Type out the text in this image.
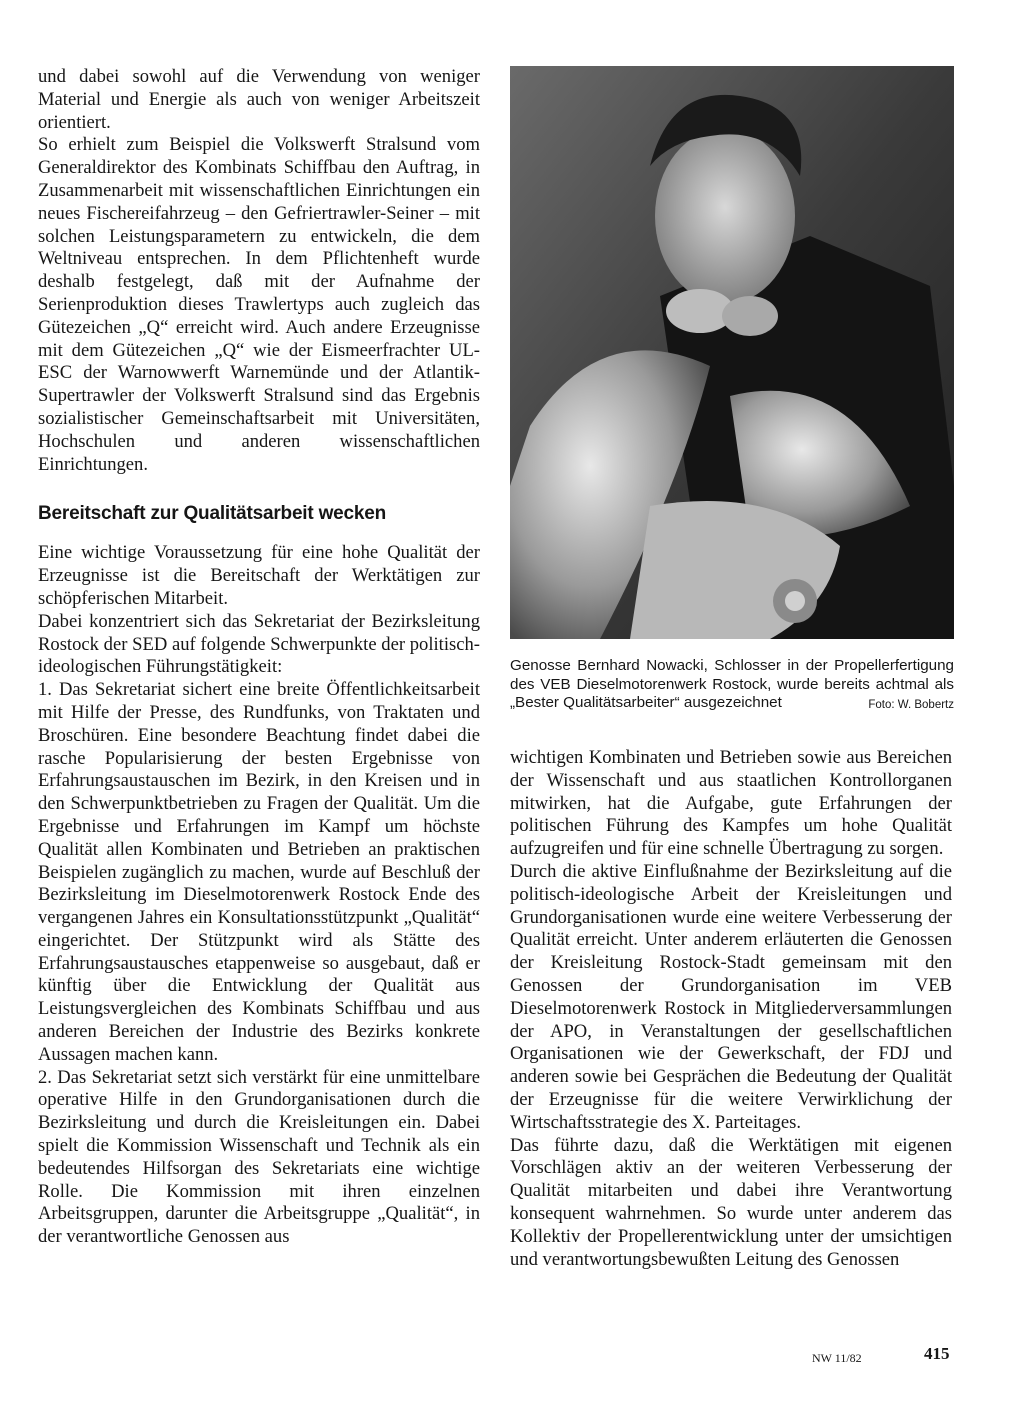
und dabei sowohl auf die Verwendung von weniger Material und Energie als auch von weniger Arbeitszeit orientiert.

So erhielt zum Beispiel die Volkswerft Stralsund vom Generaldirektor des Kombinats Schiffbau den Auftrag, in Zusammenarbeit mit wissenschaftlichen Einrichtungen ein neues Fischereifahrzeug – den Gefriertrawler-Seiner – mit solchen Leistungsparametern zu entwickeln, die dem Weltniveau entsprechen. In dem Pflichtenheft wurde deshalb festgelegt, daß mit der Aufnahme der Serienproduktion dieses Trawlertyps auch zugleich das Gütezeichen „Q“ erreicht wird. Auch andere Erzeugnisse mit dem Gütezeichen „Q“ wie der Eismeerfrachter UL-ESC der Warnowwerft Warnemünde und der Atlantik-Supertrawler der Volkswerft Stralsund sind das Ergebnis sozialistischer Gemeinschaftsarbeit mit Universitäten, Hochschulen und anderen wissenschaftlichen Einrichtungen.

Bereitschaft zur Qualitätsarbeit wecken

Eine wichtige Voraussetzung für eine hohe Qualität der Erzeugnisse ist die Bereitschaft der Werktätigen zur schöpferischen Mitarbeit.

Dabei konzentriert sich das Sekretariat der Bezirksleitung Rostock der SED auf folgende Schwerpunkte der politisch-ideologischen Führungstätigkeit:

1. Das Sekretariat sichert eine breite Öffentlichkeitsarbeit mit Hilfe der Presse, des Rundfunks, von Traktaten und Broschüren. Eine besondere Beachtung findet dabei die rasche Popularisierung der besten Ergebnisse von Erfahrungsaustauschen im Bezirk, in den Kreisen und in den Schwerpunktbetrieben zu Fragen der Qualität. Um die Ergebnisse und Erfahrungen im Kampf um höchste Qualität allen Kombinaten und Betrieben an praktischen Beispielen zugänglich zu machen, wurde auf Beschluß der Bezirksleitung im Dieselmotorenwerk Rostock Ende des vergangenen Jahres ein Konsultationsstützpunkt „Qualität“ eingerichtet. Der Stützpunkt wird als Stätte des Erfahrungsaustausches etappenweise so ausgebaut, daß er künftig über die Entwicklung der Qualität aus Leistungsvergleichen des Kombinats Schiffbau und aus anderen Bereichen der Industrie des Bezirks konkrete Aussagen machen kann.

2. Das Sekretariat setzt sich verstärkt für eine unmittelbare operative Hilfe in den Grundorganisationen durch die Bezirksleitung und durch die Kreisleitungen ein. Dabei spielt die Kommission Wissenschaft und Technik als ein bedeutendes Hilfsorgan des Sekretariats eine wichtige Rolle. Die Kommission mit ihren einzelnen Arbeitsgruppen, darunter die Arbeitsgruppe „Qualität“, in der verantwortliche Genossen aus

Genosse Bernhard Nowacki, Schlosser in der Propellerfertigung des VEB Dieselmotorenwerk Rostock, wurde bereits achtmal als „Bester Qualitätsarbeiter“ ausgezeichnet	Foto: W. Bobertz

wichtigen Kombinaten und Betrieben sowie aus Bereichen der Wissenschaft und aus staatlichen Kontrollorganen mitwirken, hat die Aufgabe, gute Erfahrungen der politischen Führung des Kampfes um hohe Qualität aufzugreifen und für eine schnelle Übertragung zu sorgen.

Durch die aktive Einflußnahme der Bezirksleitung auf die politisch-ideologische Arbeit der Kreisleitungen und Grundorganisationen wurde eine weitere Verbesserung der Qualität erreicht. Unter anderem erläuterten die Genossen der Kreisleitung Rostock-Stadt gemeinsam mit den Genossen der Grundorganisation im VEB Dieselmotorenwerk Rostock in Mitgliederversammlungen der APO, in Veranstaltungen der gesellschaftlichen Organisationen wie der Gewerkschaft, der FDJ und anderen sowie bei Gesprächen die Bedeutung der Qualität der Erzeugnisse für die weitere Verwirklichung der Wirtschaftsstrategie des X. Parteitages.

Das führte dazu, daß die Werktätigen mit eigenen Vorschlägen aktiv an der weiteren Verbesserung der Qualität mitarbeiten und dabei ihre Verantwortung konsequent wahrnehmen. So wurde unter anderem das Kollektiv der Propellerentwicklung unter der umsichtigen und verantwortungsbewußten Leitung des Genossen

NW 11/82	415
